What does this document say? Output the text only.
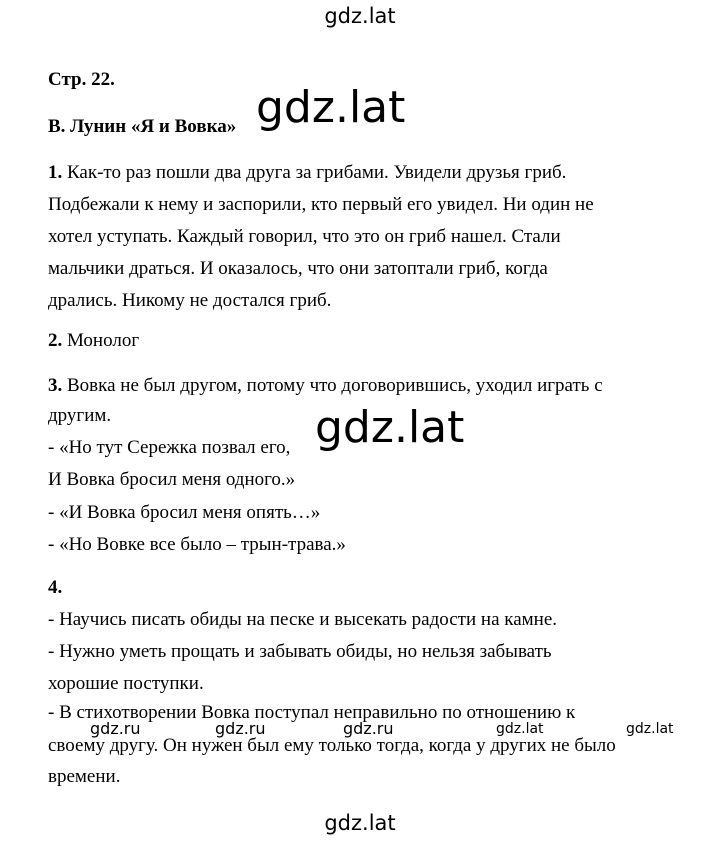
gdz.lat
Стр. 22.
В. Лунин «Я и Вовка» gdz.lat
1. Как-то раз пошли два друга за грибами. Увидели друзья гриб.
Подбежали к нему и заспорили, кто первый его увидел. Ни один не
хотел уступать. Каждый говорил, что это он гриб нашел. Стали
мальчики драться. И оказалось, что они затоптали гриб, когда
дрались. Никому не достался гриб.
2. Монолог
3. Вовка не был другом, потому что договорившись, уходил играть с
другим.	gdz.lat
- «Но тут Сережка позвал его,
И Вовка бросил меня одного.»
- «И Вовка бросил меня опять…»
- «Но Вовке все было – трын-трава.»
4.
- Научись писать обиды на песке и высекать радости на камне.
- Нужно уметь прощать и забывать обиды, но нельзя забывать
хорошие поступки.
- В стихотворении Вовка поступал неправильно по отношению к
gdz.ru	gdz.ru	gdz.ru	gdz.lat	gdz.lat
своему другу. Он нужен был ему только тогда, когда у других не было
времени.
gdz.lat
